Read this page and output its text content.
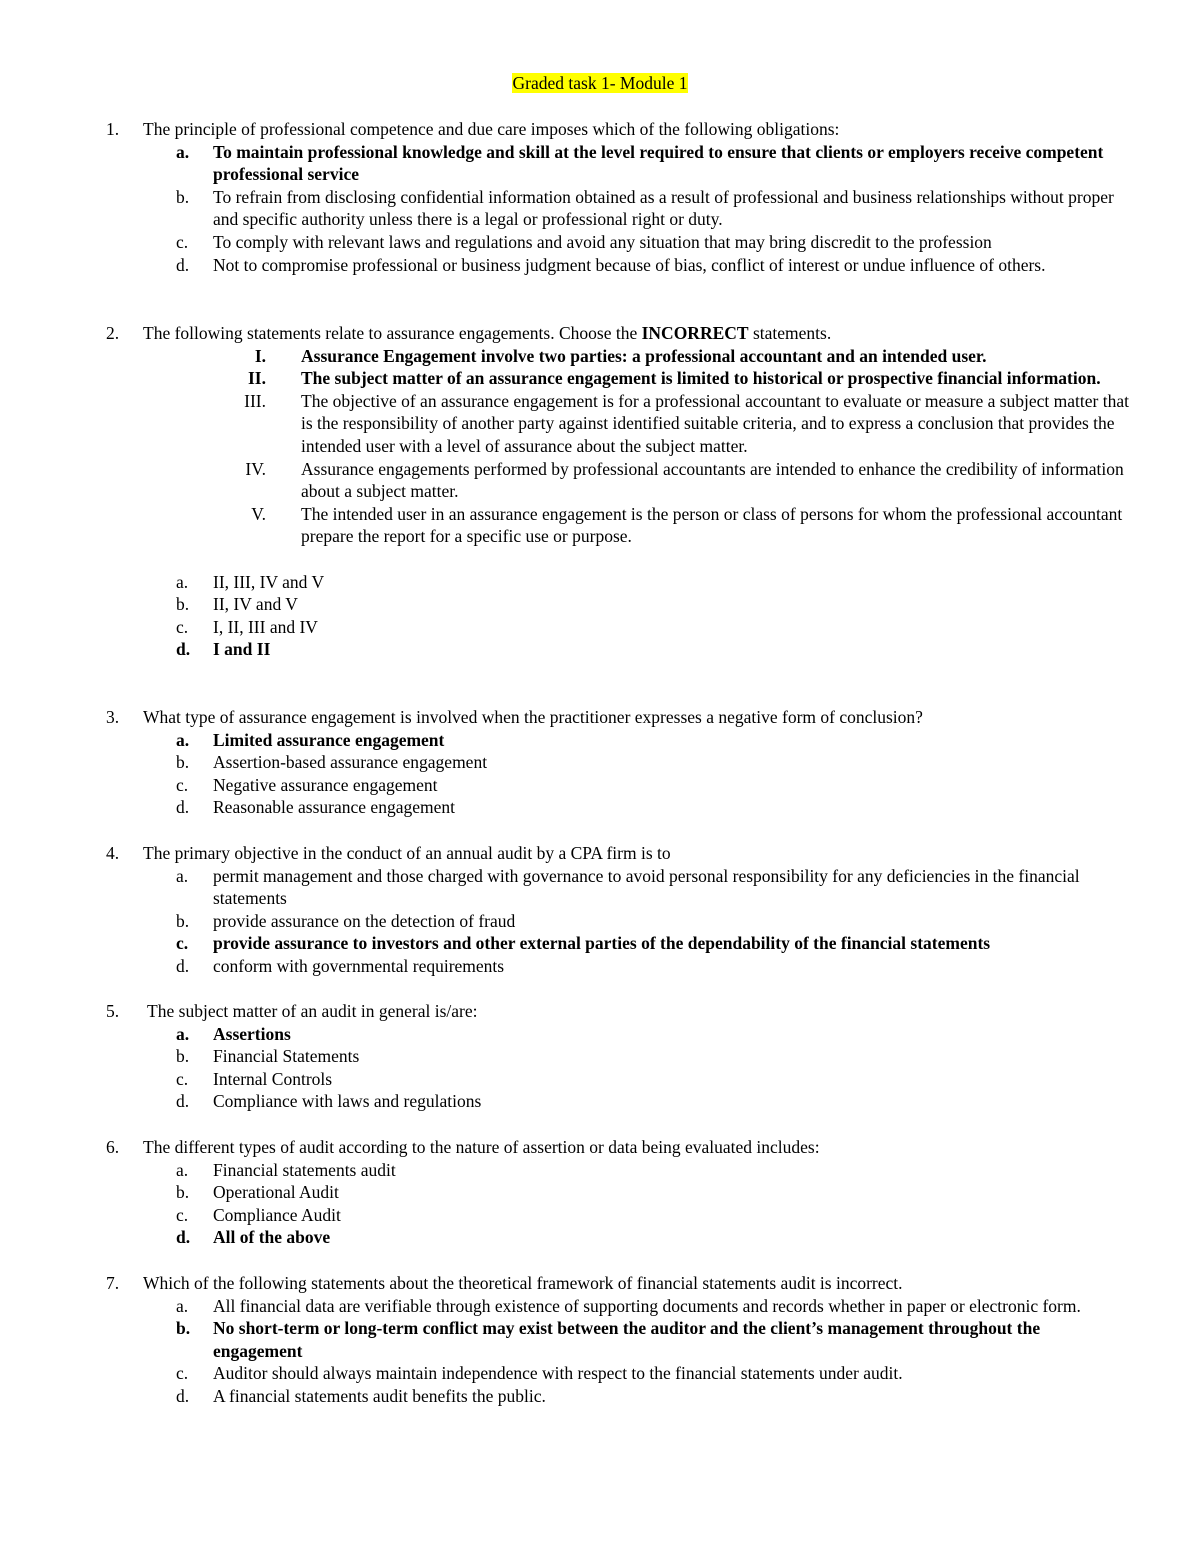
Graded task 1- Module 1
1. The principle of professional competence and due care imposes which of the following obligations:
a. To maintain professional knowledge and skill at the level required to ensure that clients or employers receive competent professional service
b. To refrain from disclosing confidential information obtained as a result of professional and business relationships without proper and specific authority unless there is a legal or professional right or duty.
c. To comply with relevant laws and regulations and avoid any situation that may bring discredit to the profession
d. Not to compromise professional or business judgment because of bias, conflict of interest or undue influence of others.
2. The following statements relate to assurance engagements. Choose the INCORRECT statements.
I. Assurance Engagement involve two parties: a professional accountant and an intended user.
II. The subject matter of an assurance engagement is limited to historical or prospective financial information.
III. The objective of an assurance engagement is for a professional accountant to evaluate or measure a subject matter that is the responsibility of another party against identified suitable criteria, and to express a conclusion that provides the intended user with a level of assurance about the subject matter.
IV. Assurance engagements performed by professional accountants are intended to enhance the credibility of information about a subject matter.
V. The intended user in an assurance engagement is the person or class of persons for whom the professional accountant prepare the report for a specific use or purpose.
a. II, III, IV and V
b. II, IV and V
c. I, II, III and IV
d. I and II
3. What type of assurance engagement is involved when the practitioner expresses a negative form of conclusion?
a. Limited assurance engagement
b. Assertion-based assurance engagement
c. Negative assurance engagement
d. Reasonable assurance engagement
4. The primary objective in the conduct of an annual audit by a CPA firm is to
a. permit management and those charged with governance to avoid personal responsibility for any deficiencies in the financial statements
b. provide assurance on the detection of fraud
c. provide assurance to investors and other external parties of the dependability of the financial statements
d. conform with governmental requirements
5. The subject matter of an audit in general is/are:
a. Assertions
b. Financial Statements
c. Internal Controls
d. Compliance with laws and regulations
6. The different types of audit according to the nature of assertion or data being evaluated includes:
a. Financial statements audit
b. Operational Audit
c. Compliance Audit
d. All of the above
7. Which of the following statements about the theoretical framework of financial statements audit is incorrect.
a. All financial data are verifiable through existence of supporting documents and records whether in paper or electronic form.
b. No short-term or long-term conflict may exist between the auditor and the client’s management throughout the engagement
c. Auditor should always maintain independence with respect to the financial statements under audit.
d. A financial statements audit benefits the public.
